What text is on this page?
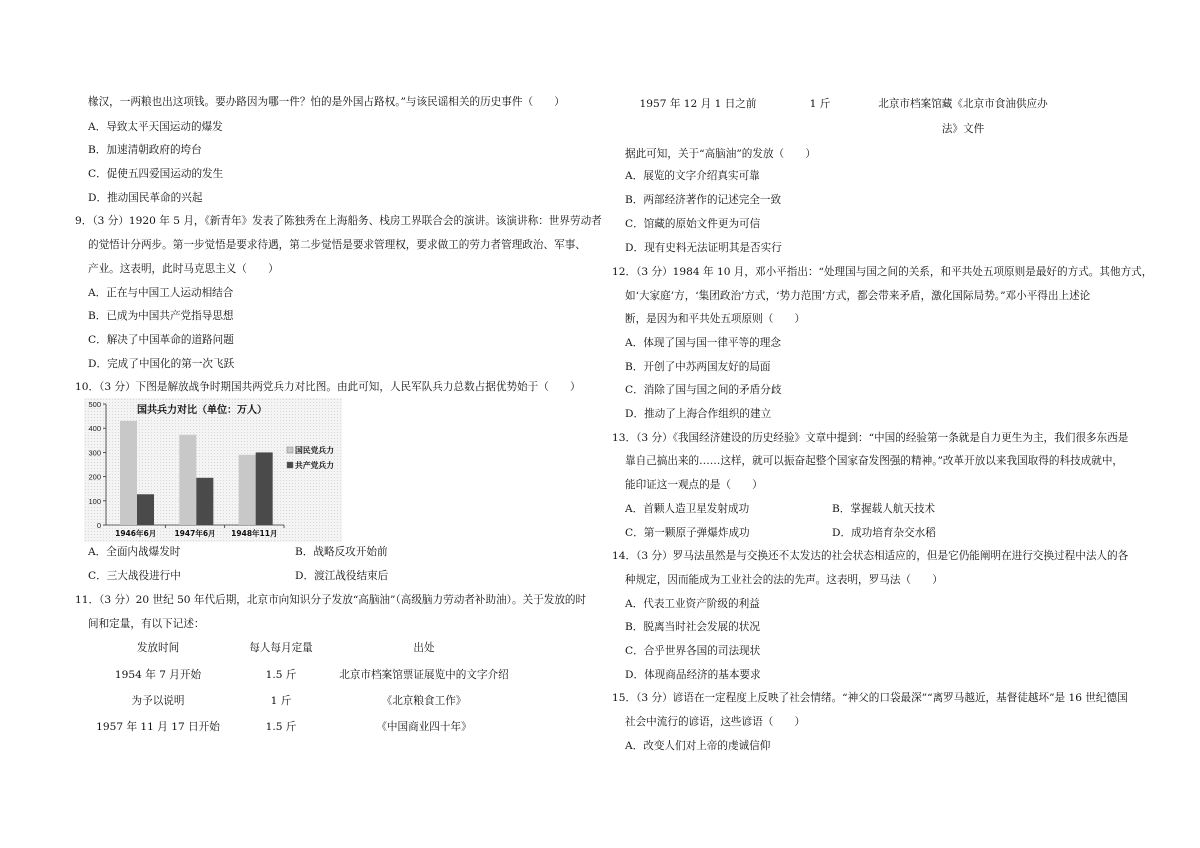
椽汉，一两粮也出这项钱。要办路因为哪一件？怕的是外国占路权。”与该民谣相关的历史事件（　　）
A．导致太平天国运动的爆发
B．加速清朝政府的垮台
C．促使五四爱国运动的发生
D．推动国民革命的兴起
9．（3 分）1920 年 5 月，《新青年》发表了陈独秀在上海船务、栈房工界联合会的演讲。该演讲称：世界劳动者
的觉悟计分两步。第一步觉悟是要求待遇，第二步觉悟是要求管理权，要求做工的劳力者管理政治、军事、
产业。这表明，此时马克思主义（　　）
A．正在与中国工人运动相结合
B．已成为中国共产党指导思想
C．解决了中国革命的道路问题
D．完成了中国化的第一次飞跃
10．（3 分）下图是解放战争时期国共两党兵力对比图。由此可知，人民军队兵力总数占据优势始于（　　）
0
100
200
300
400
500
1946年6月 1947年6月 1948年11月
国共兵力对比（单位：万人）
国民党兵力
共产党兵力
A．全面内战爆发时	B．战略反攻开始前
C．三大战役进行中	D．渡江战役结束后
11．（3 分）20 世纪 50 年代后期，北京市向知识分子发放“高脑油”（高级脑力劳动者补助油）。关于发放的时
间和定量，有以下记述：
发放时间	每人每月定量	出处
1954 年 7 月开始	1.5 斤	北京市档案馆票证展览中的文字介绍
为予以说明	1 斤	《北京粮食工作》
1957 年 11 月 17 日开始	1.5 斤	《中国商业四十年》
1957 年 12 月 1 日之前	1 斤	北京市档案馆藏《北京市食油供应办
法》文件
据此可知，关于“高脑油”的发放（　　）
A．展览的文字介绍真实可靠
B．两部经济著作的记述完全一致
C．馆藏的原始文件更为可信
D．现有史料无法证明其是否实行
12．（3 分）1984 年 10 月，邓小平指出：“处理国与国之间的关系，和平共处五项原则是最好的方式。其他方式，
如‘大家庭’方，‘集团政治’方式，‘势力范围’方式，都会带来矛盾，激化国际局势。”邓小平得出上述论
断，是因为和平共处五项原则（　　）
A．体现了国与国一律平等的理念
B．开创了中苏两国友好的局面
C．消除了国与国之间的矛盾分歧
D．推动了上海合作组织的建立
13．（3 分）《我国经济建设的历史经验》文章中提到：“中国的经验第一条就是自力更生为主，我们很多东西是
靠自己搞出来的……这样，就可以振奋起整个国家奋发图强的精神。”改革开放以来我国取得的科技成就中，
能印证这一观点的是（　　）
A．首颗人造卫星发射成功	B．掌握载人航天技术
C．第一颗原子弹爆炸成功	D．成功培育杂交水稻
14．（3 分）罗马法虽然是与交换还不太发达的社会状态相适应的，但是它仍能阐明在进行交换过程中法人的各
种规定，因而能成为工业社会的法的先声。这表明，罗马法（　　）
A．代表工业资产阶级的利益
B．脱离当时社会发展的状况
C．合乎世界各国的司法现状
D．体现商品经济的基本要求
15．（3 分）谚语在一定程度上反映了社会情绪。“神父的口袋最深”“离罗马越近，基督徒越坏”是 16 世纪德国
社会中流行的谚语，这些谚语（　　）
A．改变人们对上帝的虔诚信仰
